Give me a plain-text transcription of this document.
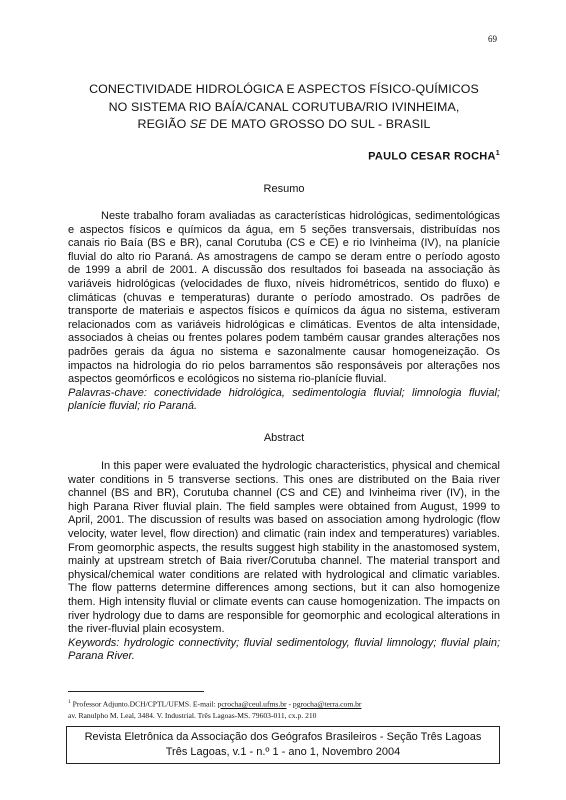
69
CONECTIVIDADE HIDROLÓGICA E ASPECTOS FÍSICO-QUÍMICOS
NO SISTEMA RIO BAÍA/CANAL CORUTUBA/RIO IVINHEIMA,
REGIÃO SE DE MATO GROSSO DO SUL - BRASIL
PAULO CESAR ROCHA$^1$
Resumo

Neste trabalho foram avaliadas as características hidrológicas, sedimentológicas e aspectos físicos e químicos da água, em 5 seções transversais, distribuídas nos canais rio Baía (BS e BR), canal Corutuba (CS e CE) e rio Ivinheima (IV), na planície fluvial do alto rio Paraná. As amostragens de campo se deram entre o período agosto de 1999 a abril de 2001. A discussão dos resultados foi baseada na associação às variáveis hidrológicas (velocidades de fluxo, níveis hidrométricos, sentido do fluxo) e climáticas (chuvas e temperaturas) durante o período amostrado. Os padrões de transporte de materiais e aspectos físicos e químicos da água no sistema, estiveram relacionados com as variáveis hidrológicas e climáticas. Eventos de alta intensidade, associados à cheias ou frentes polares podem também causar grandes alterações nos padrões gerais da água no sistema e sazonalmente causar homogeneização. Os impactos na hidrologia do rio pelos barramentos são responsáveis por alterações nos aspectos geomórficos e ecológicos no sistema rio-planície fluvial.

Palavras-chave: conectividade hidrológica, sedimentologia fluvial; limnologia fluvial; planície fluvial; rio Paraná.

Abstract

In this paper were evaluated the hydrologic characteristics, physical and chemical water conditions in 5 transverse sections. This ones are distributed on the Baia river channel (BS and BR), Corutuba channel (CS and CE) and Ivinheima river (IV), in the high Parana River fluvial plain. The field samples were obtained from August, 1999 to April, 2001. The discussion of results was based on association among hydrologic (flow velocity, water level, flow direction) and climatic (rain index and temperatures) variables. From geomorphic aspects, the results suggest high stability in the anastomosed system, mainly at upstream stretch of Baia river/Corutuba channel. The material transport and physical/chemical water conditions are related with hydrological and climatic variables. The flow patterns determine differences among sections, but it can also homogenize them. High intensity fluvial or climate events can cause homogenization. The impacts on river hydrology due to dams are responsible for geomorphic and ecological alterations in the river-fluvial plain ecosystem.

Keywords: hydrologic connectivity; fluvial sedimentology, fluvial limnology; fluvial plain; Parana River.

$^1$ Professor Adjunto.DCH/CPTL/UFMS. E-mail: pcrocha@ceul.ufms.br - pgrocha@terra.com.br
av. Ranulpho M. Leal, 3484. V. Industrial. Três Lagoas-MS. 79603-011, cx.p. 210
Revista Eletrônica da Associação dos Geógrafos Brasileiros - Seção Três Lagoas
Três Lagoas, v.1 - n.º 1 - ano 1, Novembro 2004
